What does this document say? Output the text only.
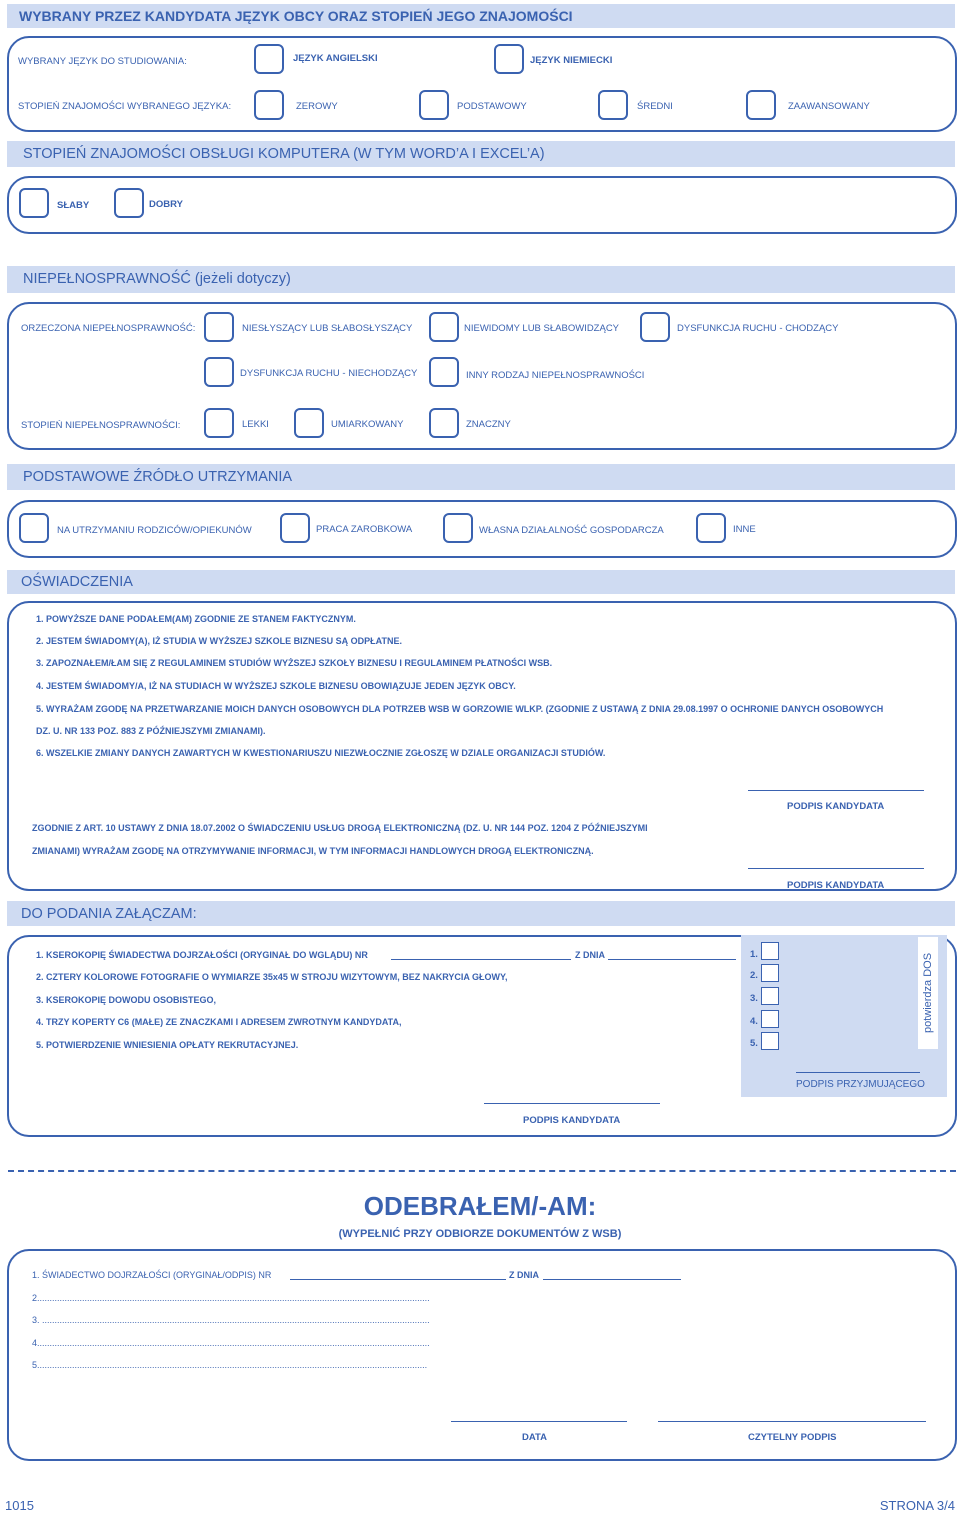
WYBRANY PRZEZ KANDYDATA JĘZYK OBCY ORAZ STOPIEŃ JEGO ZNAJOMOŚCI
WYBRANY JĘZYK DO STUDIOWANIA:	JĘZYK ANGIELSKI	JĘZYK NIEMIECKI
STOPIEŃ ZNAJOMOŚCI WYBRANEGO JĘZYKA:	ZEROWY	PODSTAWOWY	ŚREDNI	ZAAWANSOWANY
STOPIEŃ ZNAJOMOŚCI OBSŁUGI KOMPUTERA (W TYM WORD’A I EXCEL’A)
SŁABY	DOBRY
NIEPEŁNOSPRAWNOŚĆ (jeżeli dotyczy)
ORZECZONA NIEPEŁNOSPRAWNOŚĆ:	NIESŁYSZĄCY LUB SŁABOSŁYSZĄCY	NIEWIDOMY LUB SŁABOWIDZĄCY	DYSFUNKCJA RUCHU - CHODZĄCY
DYSFUNKCJA RUCHU - NIECHODZĄCY	INNY RODZAJ NIEPEŁNOSPRAWNOŚCI
STOPIEŃ NIEPEŁNOSPRAWNOŚCI:	LEKKI	UMIARKOWANY	ZNACZNY
PODSTAWOWE ŹRÓDŁO UTRZYMANIA
NA UTRZYMANIU RODZICÓW/OPIEKUNÓW	PRACA ZAROBKOWA	WŁASNA DZIAŁALNOŚĆ GOSPODARCZA	INNE
OŚWIADCZENIA
1. POWYŻSZE DANE PODAŁEM(AM) ZGODNIE ZE STANEM FAKTYCZNYM.
2. JESTEM ŚWIADOMY(A), IŻ STUDIA W WYŻSZEJ SZKOLE BIZNESU SĄ ODPŁATNE.
3. ZAPOZNAŁEM/ŁAM SIĘ Z REGULAMINEM STUDIÓW WYŻSZEJ SZKOŁY BIZNESU I REGULAMINEM PŁATNOŚCI WSB.
4. JESTEM ŚWIADOMY/A, IŻ NA STUDIACH W WYŻSZEJ SZKOLE BIZNESU OBOWIĄZUJE JEDEN JĘZYK OBCY.
5. WYRAŻAM ZGODĘ NA PRZETWARZANIE MOICH DANYCH OSOBOWYCH DLA POTRZEB WSB W GORZOWIE WLKP. (ZGODNIE Z USTAWĄ Z DNIA 29.08.1997 O OCHRONIE DANYCH OSOBOWYCH
DZ. U. NR 133 POZ. 883 Z PÓŹNIEJSZYMI ZMIANAMI).
6. WSZELKIE ZMIANY DANYCH ZAWARTYCH W KWESTIONARIUSZU NIEZWŁOCZNIE ZGŁOSZĘ W DZIALE ORGANIZACJI STUDIÓW.
PODPIS KANDYDATA
ZGODNIE Z ART. 10 USTAWY Z DNIA 18.07.2002 O ŚWIADCZENIU USŁUG DROGĄ ELEKTRONICZNĄ (DZ. U. NR 144 POZ. 1204 Z PÓŹNIEJSZYMI
ZMIANAMI) WYRAŻAM ZGODĘ NA OTRZYMYWANIE INFORMACJI, W TYM INFORMACJI HANDLOWYCH DROGĄ ELEKTRONICZNĄ.
PODPIS KANDYDATA
DO PODANIA ZAŁĄCZAM:
1. KSEROKOPIĘ ŚWIADECTWA DOJRZAŁOŚCI (ORYGINAŁ DO WGLĄDU) NR	Z DNIA
2. CZTERY KOLOROWE FOTOGRAFIE O WYMIARZE 35x45 W STROJU WIZYTOWYM, BEZ NAKRYCIA GŁOWY,
3. KSEROKOPIĘ DOWODU OSOBISTEGO,
4. TRZY KOPERTY C6 (MAŁE) ZE ZNACZKAMI I ADRESEM ZWROTNYM KANDYDATA,
5. POTWIERDZENIE WNIESIENIA OPŁATY REKRUTACYJNEJ.
1.
2.
3.
4.
5.
potwierdza DOS
PODPIS PRZYJMUJĄCEGO
PODPIS KANDYDATA
ODEBRAŁEM/-AM:
(WYPEŁNIĆ PRZY ODBIORZE DOKUMENTÓW Z WSB)
1. ŚWIADECTWO DOJRZAŁOŚCI (ORYGINAŁ/ODPIS) NR	Z DNIA
2.............................................................................................................................................................
3. ...........................................................................................................................................................
4.............................................................................................................................................................
5............................................................................................................................................................
DATA	CZYTELNY PODPIS
1015	STRONA 3/4
